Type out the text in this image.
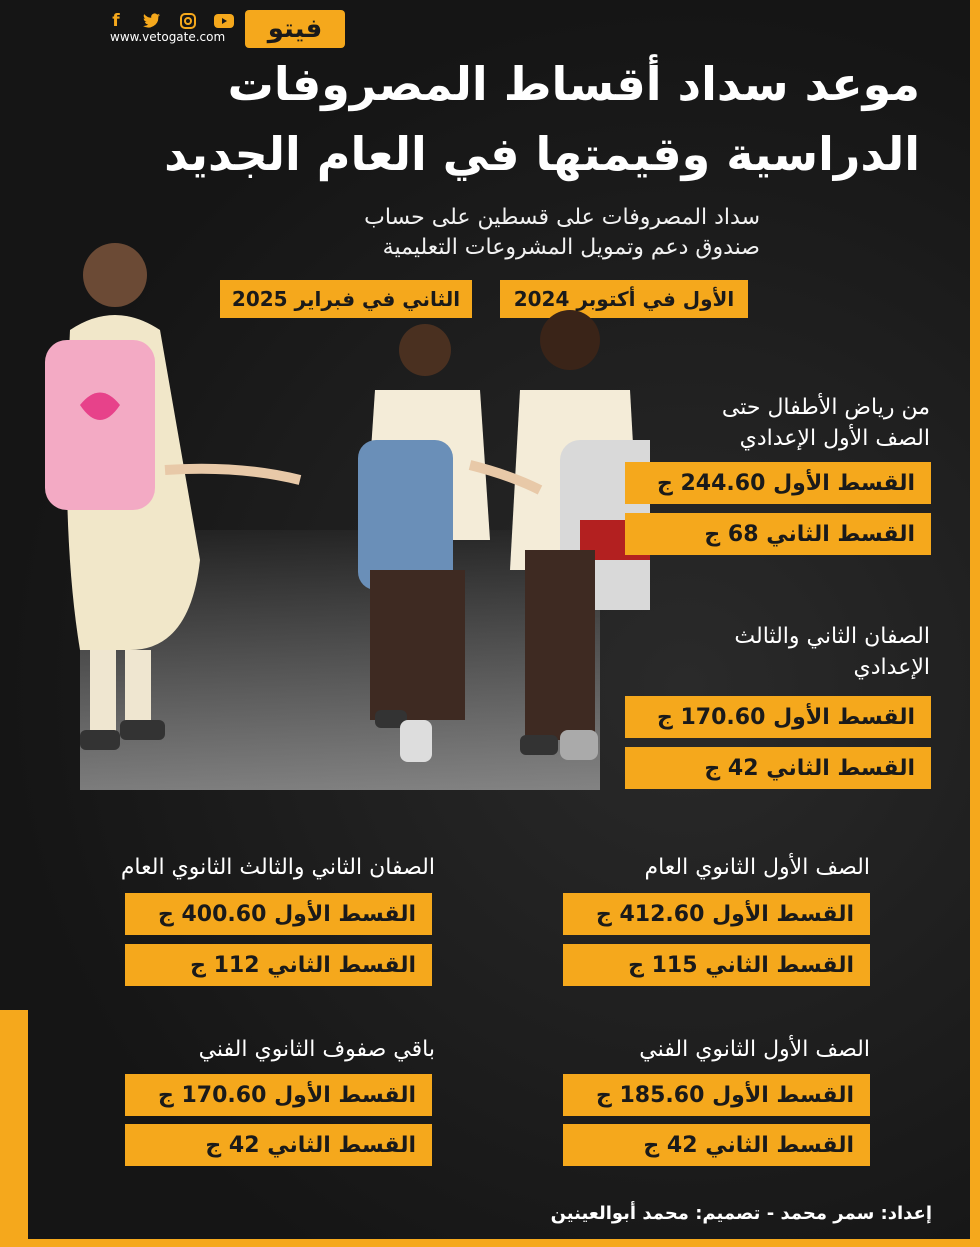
f
www.vetogate.com	فيتو
موعد سداد أقساط المصروفات
الدراسية وقيمتها في العام الجديد
سداد المصروفات على قسطين على حساب
صندوق دعم وتمويل المشروعات التعليمية
الأول في أكتوبر 2024
الثاني في فبراير 2025
من رياض الأطفال حتى
الصف الأول الإعدادي
القسط الأول 244.60 ج
القسط الثاني 68 ج
الصفان الثاني والثالث
الإعدادي
القسط الأول 170.60 ج
القسط الثاني 42 ج
الصف الأول الثانوي العام
القسط الأول 412.60 ج
القسط الثاني 115 ج
الصفان الثاني والثالث الثانوي العام
القسط الأول 400.60 ج
القسط الثاني 112 ج
الصف الأول الثانوي الفني
القسط الأول 185.60 ج
القسط الثاني 42 ج
باقي صفوف الثانوي الفني
القسط الأول 170.60 ج
القسط الثاني 42 ج
إعداد: سمر محمد - تصميم: محمد أبوالعينين
